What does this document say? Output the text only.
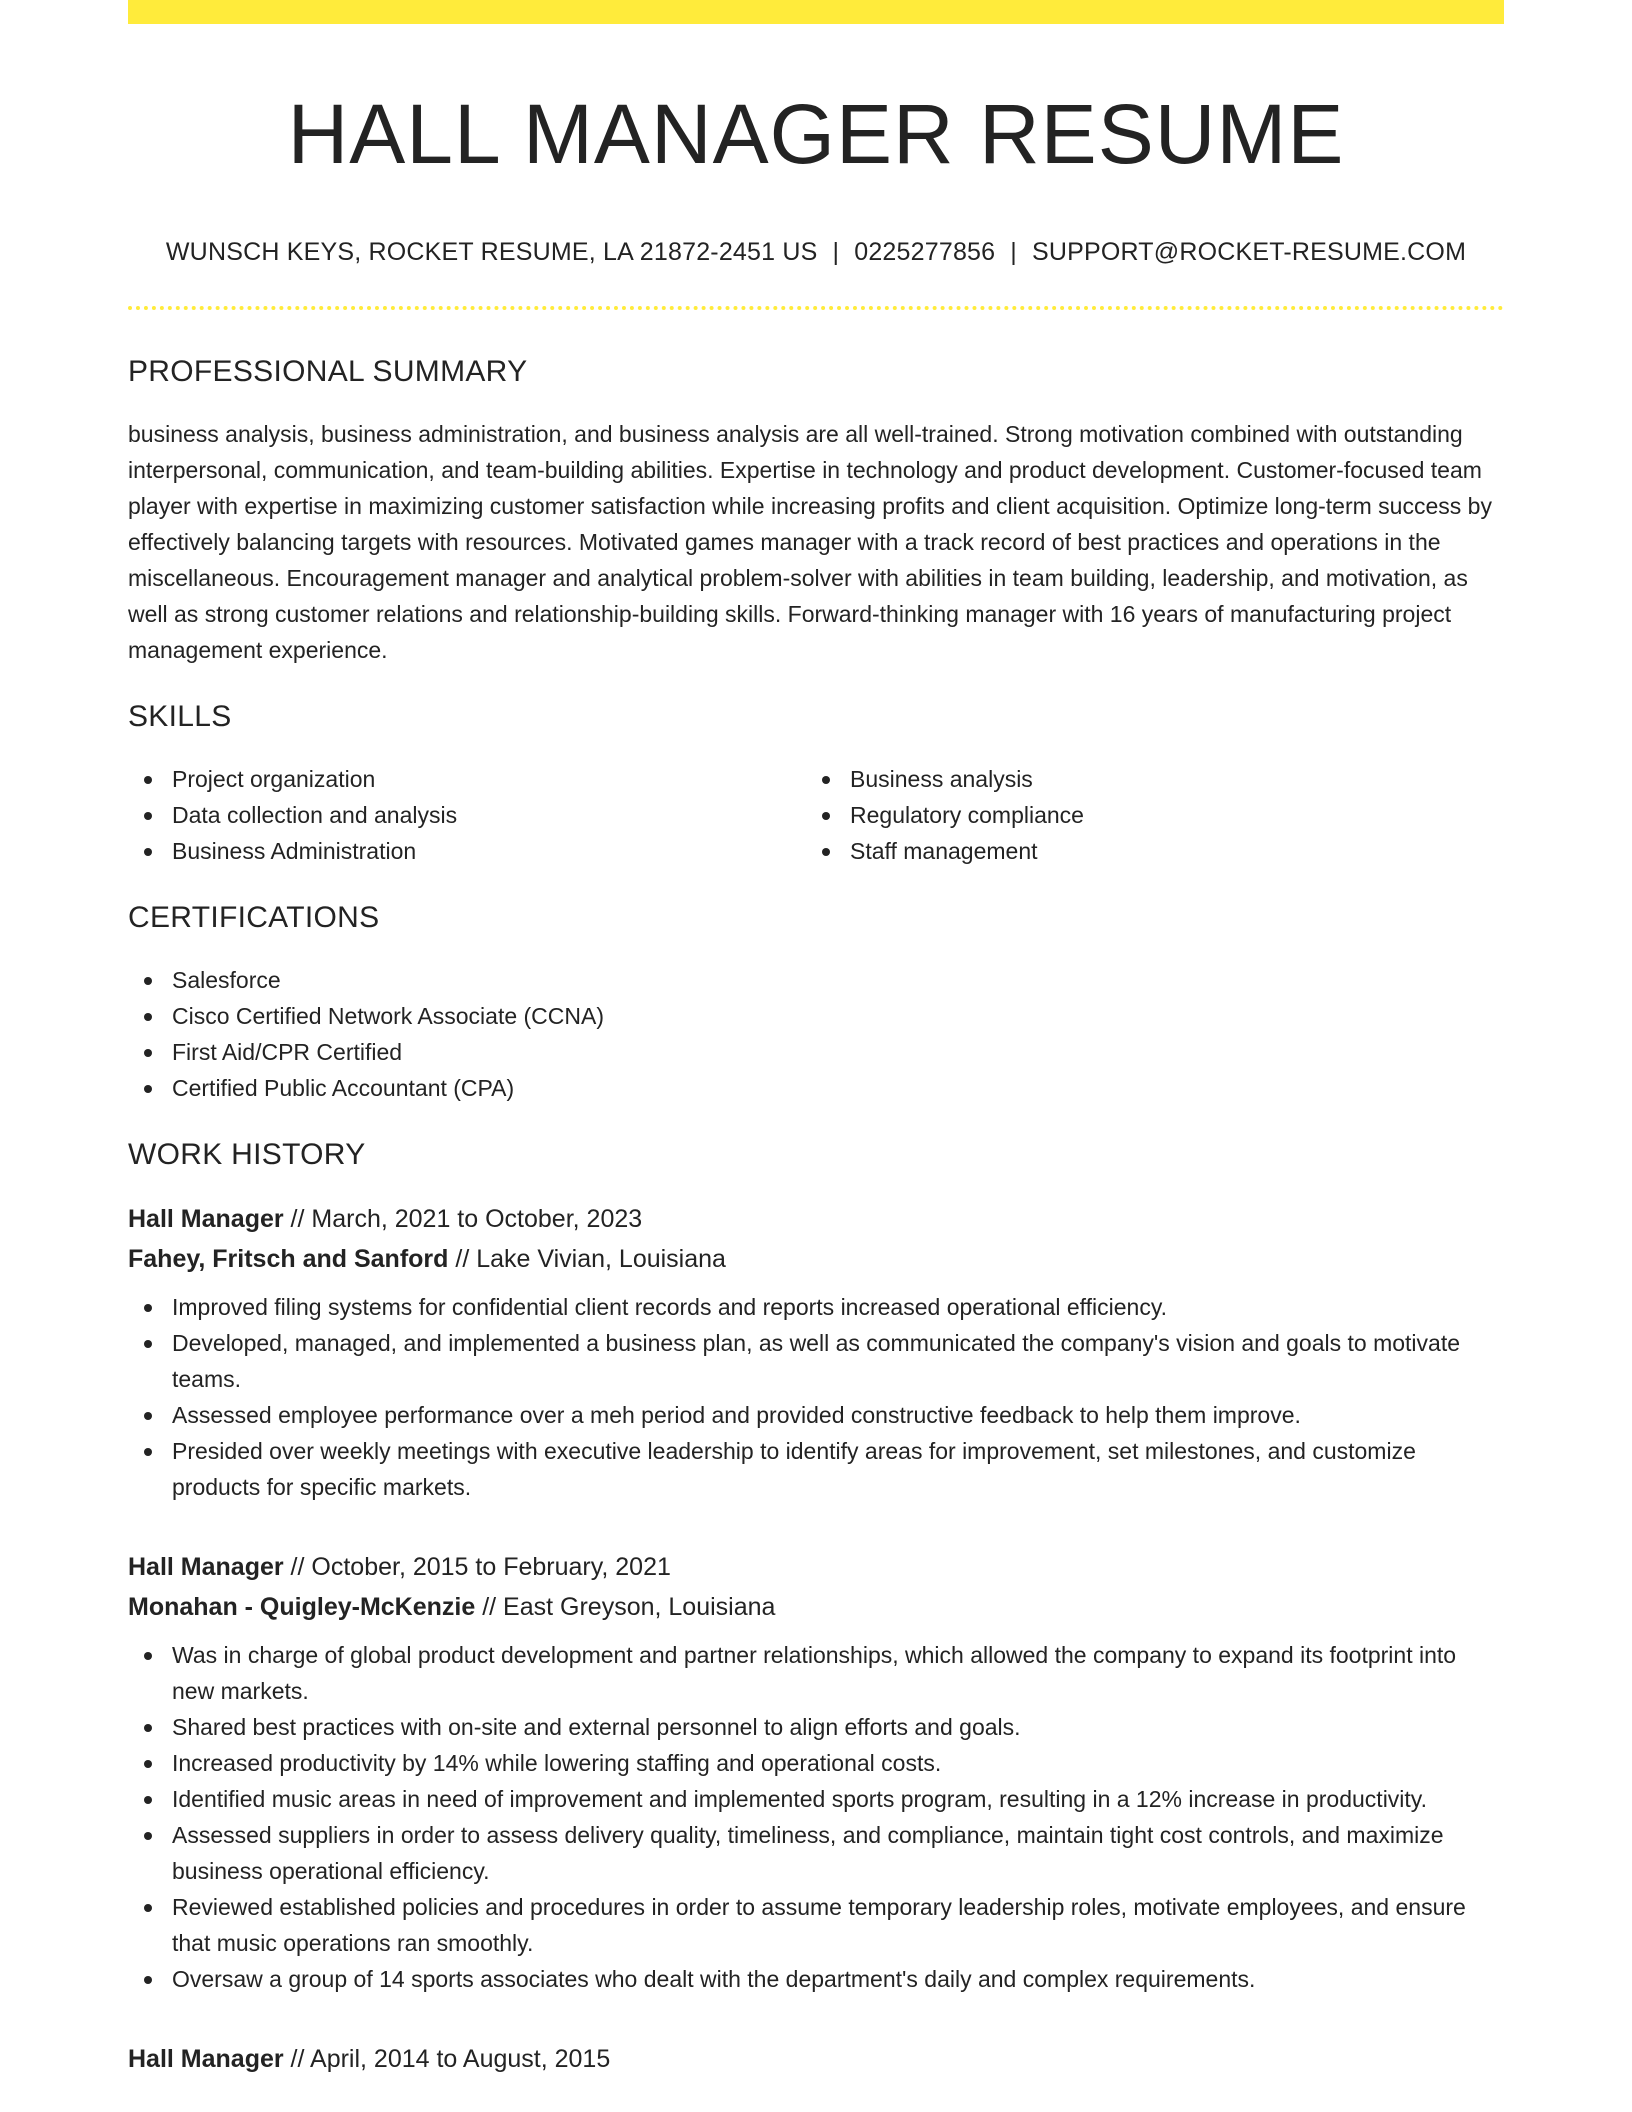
HALL MANAGER RESUME
WUNSCH KEYS, ROCKET RESUME, LA 21872-2451 US | 0225277856 | SUPPORT@ROCKET-RESUME.COM
PROFESSIONAL SUMMARY

business analysis, business administration, and business analysis are all well-trained. Strong motivation combined with outstanding interpersonal, communication, and team-building abilities. Expertise in technology and product development. Customer-focused team player with expertise in maximizing customer satisfaction while increasing profits and client acquisition. Optimize long-term success by effectively balancing targets with resources. Motivated games manager with a track record of best practices and operations in the miscellaneous. Encouragement manager and analytical problem-solver with abilities in team building, leadership, and motivation, as well as strong customer relations and relationship-building skills. Forward-thinking manager with 16 years of manufacturing project management experience.

SKILLS
Project organization
Data collection and analysis
Business Administration
Business analysis
Regulatory compliance
Staff management
CERTIFICATIONS
Salesforce
Cisco Certified Network Associate (CCNA)
First Aid/CPR Certified
Certified Public Accountant (CPA)
WORK HISTORY
Hall Manager // March, 2021 to October, 2023
Fahey, Fritsch and Sanford // Lake Vivian, Louisiana
Improved filing systems for confidential client records and reports increased operational efficiency.
Developed, managed, and implemented a business plan, as well as communicated the company's vision and goals to motivate teams.
Assessed employee performance over a meh period and provided constructive feedback to help them improve.
Presided over weekly meetings with executive leadership to identify areas for improvement, set milestones, and customize products for specific markets.
Hall Manager // October, 2015 to February, 2021
Monahan - Quigley-McKenzie // East Greyson, Louisiana
Was in charge of global product development and partner relationships, which allowed the company to expand its footprint into new markets.
Shared best practices with on-site and external personnel to align efforts and goals.
Increased productivity by 14% while lowering staffing and operational costs.
Identified music areas in need of improvement and implemented sports program, resulting in a 12% increase in productivity.
Assessed suppliers in order to assess delivery quality, timeliness, and compliance, maintain tight cost controls, and maximize business operational efficiency.
Reviewed established policies and procedures in order to assume temporary leadership roles, motivate employees, and ensure that music operations ran smoothly.
Oversaw a group of 14 sports associates who dealt with the department's daily and complex requirements.
Hall Manager // April, 2014 to August, 2015
